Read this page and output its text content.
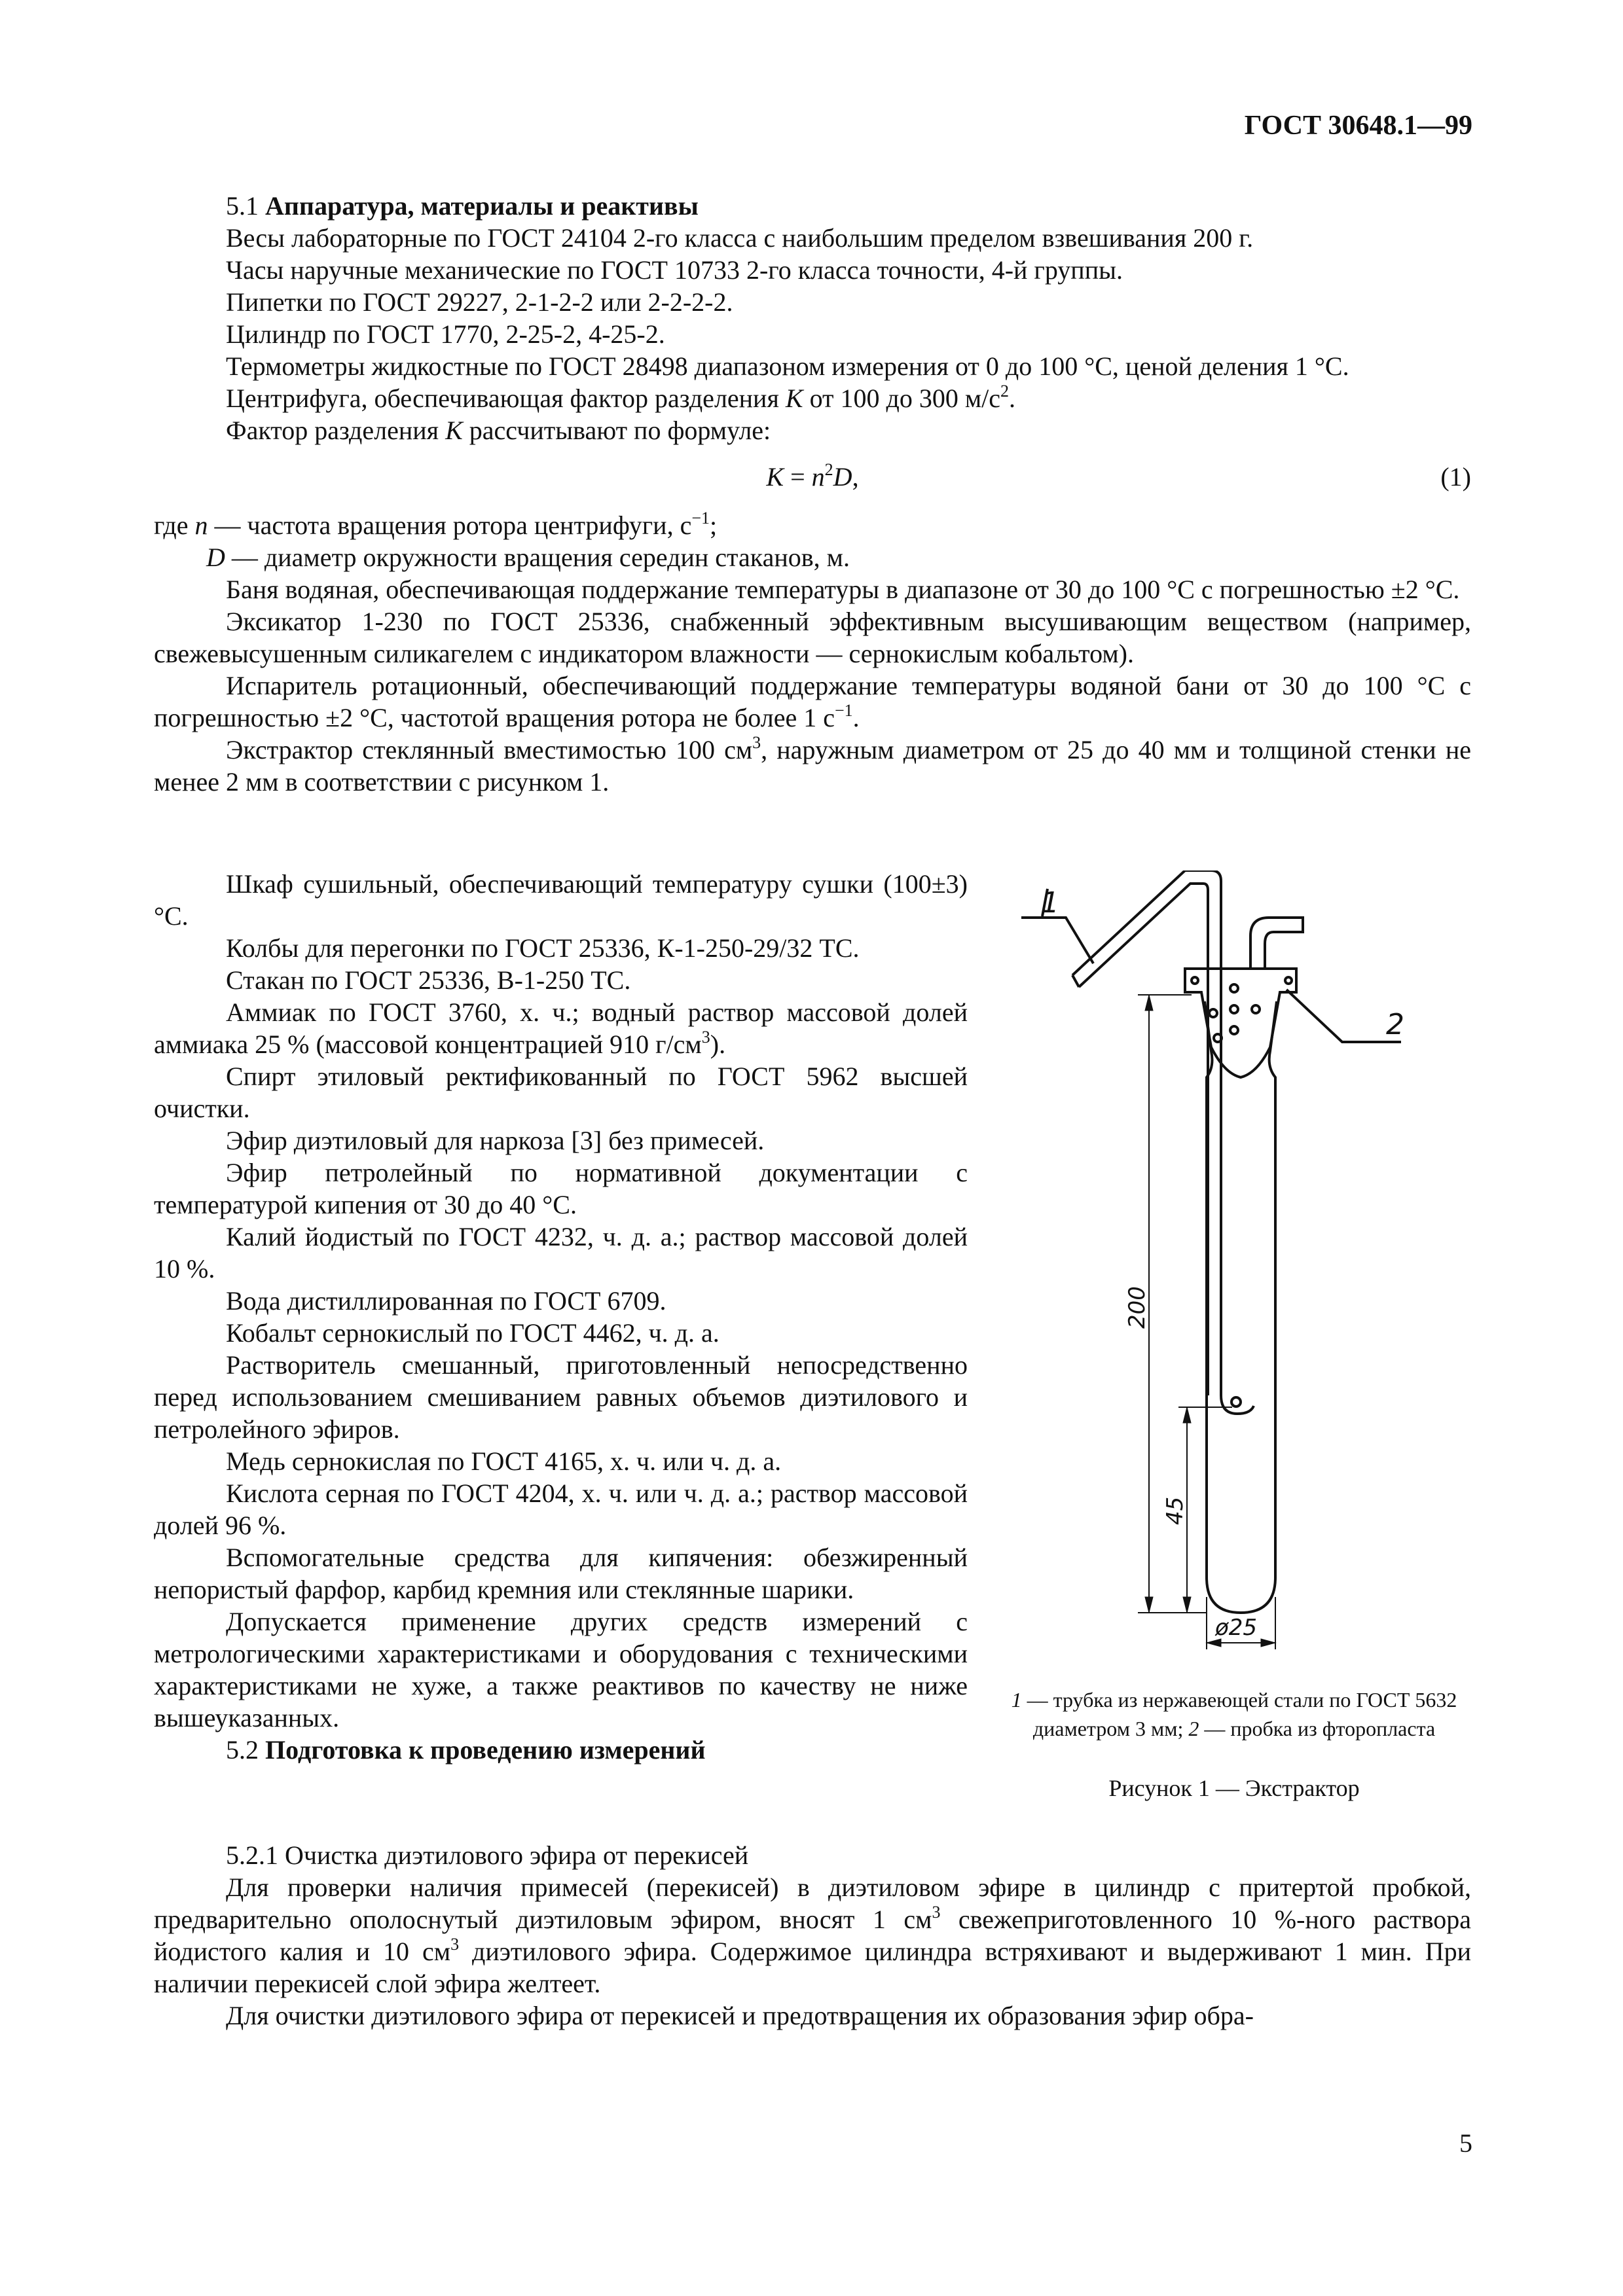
ГОСТ 30648.1—99

5.1 Аппаратура, материалы и реактивы

Весы лабораторные по ГОСТ 24104 2-го класса с наибольшим пределом взвешивания 200 г.

Часы наручные механические по ГОСТ 10733 2-го класса точности, 4-й группы.

Пипетки по ГОСТ 29227, 2-1-2-2 или 2-2-2-2.

Цилиндр по ГОСТ 1770, 2-25-2, 4-25-2.

Термометры жидкостные по ГОСТ 28498 диапазоном измерения от 0 до 100 °С, ценой деления 1 °С.

Центрифуга, обеспечивающая фактор разделения K от 100 до 300 $м/с^2$.

Фактор разделения K рассчитывают по формуле:

$K = n^2D$,	(1)

где n — частота вращения ротора центрифуги, $с^{-1}$;

D — диаметр окружности вращения середин стаканов, м.

Баня водяная, обеспечивающая поддержание температуры в диапазоне от 30 до 100 °С с погрешностью ±2 °С.

Эксикатор 1-230 по ГОСТ 25336, снабженный эффективным высушивающим веществом (например, свежевысушенным силикагелем с индикатором влажности — сернокислым кобальтом).

Испаритель ротационный, обеспечивающий поддержание температуры водяной бани от 30 до 100 °С с погрешностью ±2 °С, частотой вращения ротора не более 1 $с^{-1}$.

Экстрактор стеклянный вместимостью 100 $см^3$, наружным диаметром от 25 до 40 мм и толщиной стенки не менее 2 мм в соответствии с рисунком 1.

Шкаф сушильный, обеспечивающий температуру сушки (100±3) °С.

Колбы для перегонки по ГОСТ 25336, К-1-250-29/32 ТС.

Стакан по ГОСТ 25336, В-1-250 ТС.

Аммиак по ГОСТ 3760, х. ч.; водный раствор массовой долей аммиака 25 % (массовой концентрацией 910 $г/см^3$).

Спирт этиловый ректификованный по ГОСТ 5962 высшей очистки.

Эфир диэтиловый для наркоза [3] без примесей.

Эфир петролейный по нормативной документации с температурой кипения от 30 до 40 °С.

Калий йодистый по ГОСТ 4232, ч. д. а.; раствор массовой долей 10 %.

Вода дистиллированная по ГОСТ 6709.

Кобальт сернокислый по ГОСТ 4462, ч. д. а.

Растворитель смешанный, приготовленный непосредственно перед использованием смешиванием равных объемов диэтилового и петролейного эфиров.

Медь сернокислая по ГОСТ 4165, х. ч. или ч. д. а.

Кислота серная по ГОСТ 4204, х. ч. или ч. д. а.; раствор массовой долей 96 %.

Вспомогательные средства для кипячения: обезжиренный непористый фарфор, карбид кремния или стеклянные шарики.

Допускается применение других средств измерений с метрологическими характеристиками и оборудования с техническими характеристиками не хуже, а также реактивов по качеству не ниже вышеуказанных.

5.2 Подготовка к проведению измерений

5.2.1 Очистка диэтилового эфира от перекисей

Для проверки наличия примесей (перекисей) в диэтиловом эфире в цилиндр с притертой пробкой, предварительно ополоснутый диэтиловым эфиром, вносят 1 $см^3$ свежеприготовленного 10 %-ного раствора йодистого калия и 10 $см^3$ диэтилового эфира. Содержимое цилиндра встряхивают и выдерживают 1 мин. При наличии перекисей слой эфира желтеет.

Для очистки диэтилового эфира от перекисей и предотвращения их образования эфир обра-

1
2
200
45
ø25
1 — трубка из нержавеющей стали по ГОСТ 5632 диаметром 3 мм; 2 — пробка из фторопласта
Рисунок 1 — Экстрактор
5
